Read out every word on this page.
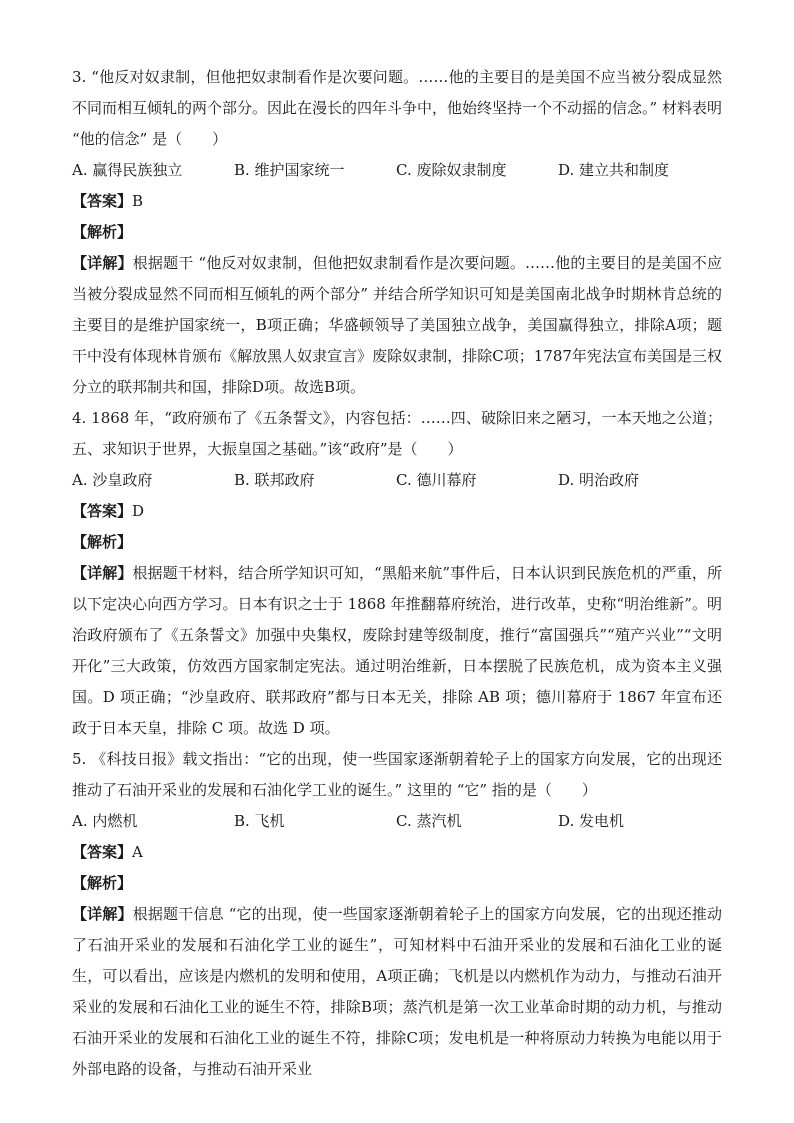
3. “他反对奴隶制，但他把奴隶制看作是次要问题。……他的主要目的是美国不应当被分裂成显然不同而相互倾轧的两个部分。因此在漫长的四年斗争中，他始终坚持一个不动摇的信念。” 材料表明 “他的信念” 是（　　）

A. 赢得民族独立	B. 维护国家统一	C. 废除奴隶制度	D. 建立共和制度

【答案】B

【解析】

【详解】根据题干 “他反对奴隶制，但他把奴隶制看作是次要问题。……他的主要目的是美国不应当被分裂成显然不同而相互倾轧的两个部分” 并结合所学知识可知是美国南北战争时期林肯总统的主要目的是维护国家统一，B项正确；华盛顿领导了美国独立战争，美国赢得独立，排除A项；题干中没有体现林肯颁布《解放黑人奴隶宣言》废除奴隶制，排除C项；1787年宪法宣布美国是三权分立的联邦制共和国，排除D项。故选B项。

4. 1868 年，“政府颁布了《五条誓文》，内容包括：……四、破除旧来之陋习，一本天地之公道；五、求知识于世界，大振皇国之基础。”该“政府”是（　　）

A. 沙皇政府	B. 联邦政府	C. 德川幕府	D. 明治政府

【答案】D

【解析】

【详解】根据题干材料，结合所学知识可知，“黑船来航”事件后，日本认识到民族危机的严重，所以下定决心向西方学习。日本有识之士于 1868 年推翻幕府统治，进行改革，史称“明治维新”。明治政府颁布了《五条誓文》加强中央集权，废除封建等级制度，推行“富国强兵”“殖产兴业”“文明开化”三大政策，仿效西方国家制定宪法。通过明治维新，日本摆脱了民族危机，成为资本主义强国。D 项正确；“沙皇政府、联邦政府”都与日本无关，排除 AB 项；德川幕府于 1867 年宣布还政于日本天皇，排除 C 项。故选 D 项。

5. 《科技日报》载文指出：“它的出现，使一些国家逐渐朝着轮子上的国家方向发展，它的出现还推动了石油开采业的发展和石油化学工业的诞生。” 这里的 “它” 指的是（　　）

A. 内燃机	B. 飞机	C. 蒸汽机	D. 发电机

【答案】A

【解析】

【详解】根据题干信息 “它的出现，使一些国家逐渐朝着轮子上的国家方向发展，它的出现还推动了石油开采业的发展和石油化学工业的诞生”，可知材料中石油开采业的发展和石油化工业的诞生，可以看出，应该是内燃机的发明和使用，A项正确；飞机是以内燃机作为动力，与推动石油开采业的发展和石油化工业的诞生不符，排除B项；蒸汽机是第一次工业革命时期的动力机，与推动石油开采业的发展和石油化工业的诞生不符，排除C项；发电机是一种将原动力转换为电能以用于外部电路的设备，与推动石油开采业
